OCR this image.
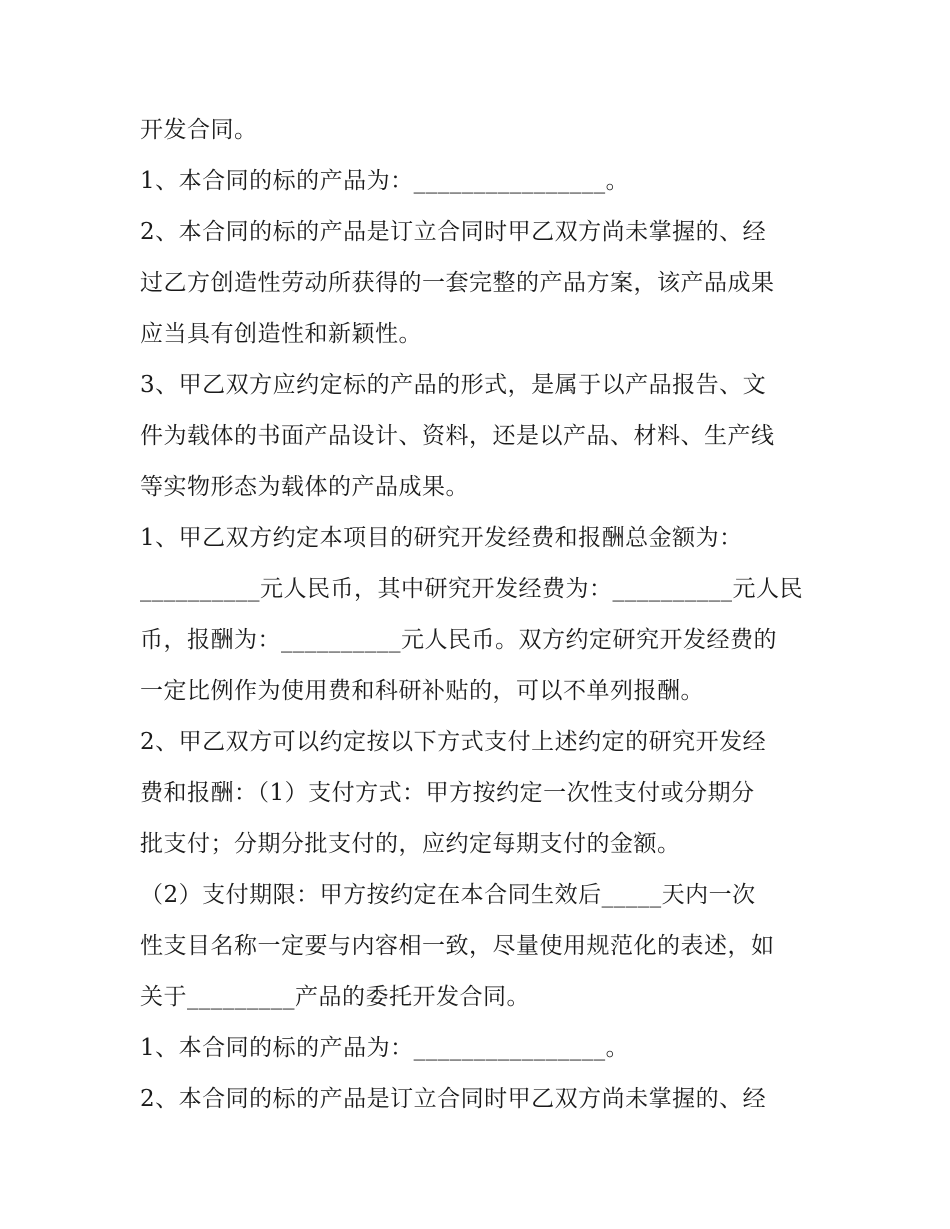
开发合同。
1、本合同的标的产品为：________________。
2、本合同的标的产品是订立合同时甲乙双方尚未掌握的、经
过乙方创造性劳动所获得的一套完整的产品方案，该产品成果
应当具有创造性和新颖性。
3、甲乙双方应约定标的产品的形式，是属于以产品报告、文
件为载体的书面产品设计、资料，还是以产品、材料、生产线
等实物形态为载体的产品成果。
1、甲乙双方约定本项目的研究开发经费和报酬总金额为：
__________元人民币，其中研究开发经费为：__________元人民
币，报酬为：__________元人民币。双方约定研究开发经费的
一定比例作为使用费和科研补贴的，可以不单列报酬。
2、甲乙双方可以约定按以下方式支付上述约定的研究开发经
费和报酬：（1）支付方式：甲方按约定一次性支付或分期分
批支付；分期分批支付的，应约定每期支付的金额。
（2）支付期限：甲方按约定在本合同生效后_____天内一次
性支目名称一定要与内容相一致，尽量使用规范化的表述，如
关于_________产品的委托开发合同。
1、本合同的标的产品为：________________。
2、本合同的标的产品是订立合同时甲乙双方尚未掌握的、经
